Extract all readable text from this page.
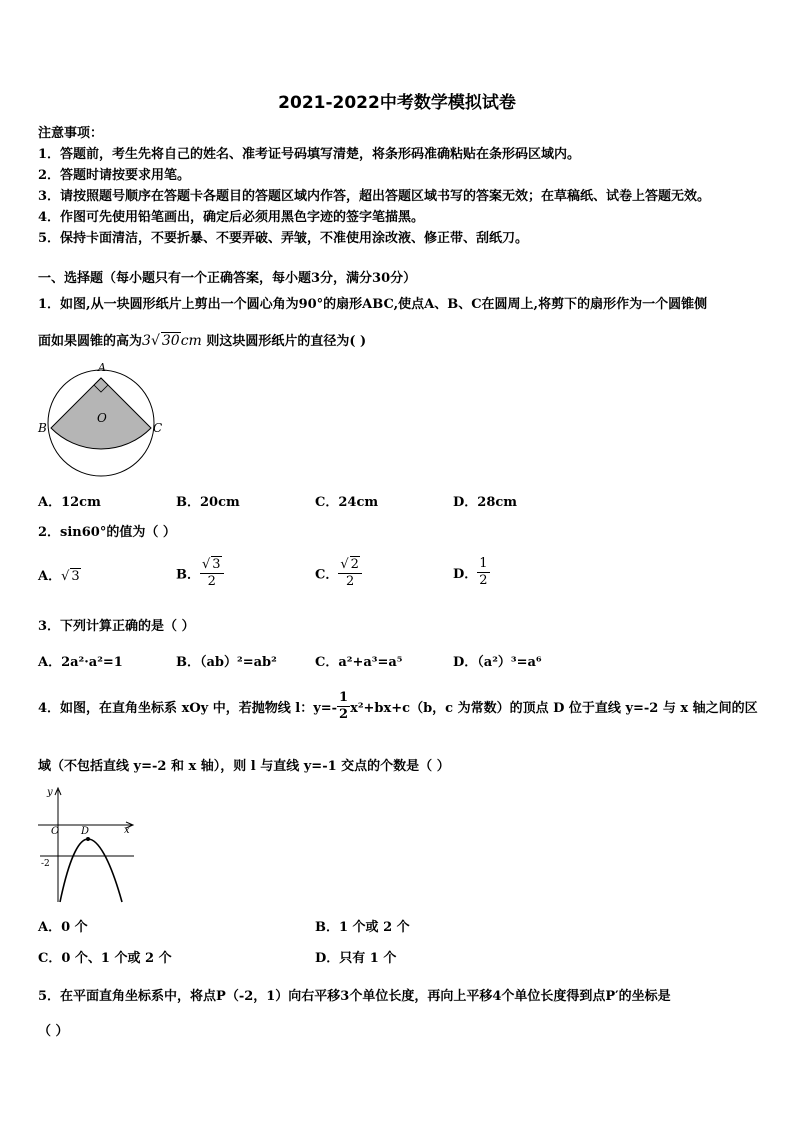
2021-2022中考数学模拟试卷
注意事项：
1．答题前，考生先将自己的姓名、准考证号码填写清楚，将条形码准确粘贴在条形码区域内。
2．答题时请按要求用笔。
3．请按照题号顺序在答题卡各题目的答题区域内作答，超出答题区域书写的答案无效；在草稿纸、试卷上答题无效。
4．作图可先使用铅笔画出，确定后必须用黑色字迹的签字笔描黑。
5．保持卡面清洁，不要折暴、不要弄破、弄皱，不准使用涂改液、修正带、刮纸刀。
一、选择题（每小题只有一个正确答案，每小题3分，满分30分）
1．如图,从一块圆形纸片上剪出一个圆心角为90°的扇形ABC,使点A、B、C在圆周上,将剪下的扇形作为一个圆锥侧
面如果圆锥的高为3√ 30cm 则这块圆形纸片的直径为( )
A
B	C
O
A．12cm	B．20cm	C．24cm	D．28cm
2．sin60°的值为（ ）
A．√ 3	B． $\frac{√ 3}{2}$	C． $\frac{√ 2}{2}$	D． $\frac{1}{2}$
3．下列计算正确的是（ ）
A．2a²·a²=1	B．（ab）²=ab²	C．a²+a³=a⁵	D．（a²）³=a⁶
4．如图，在直角坐标系 xOy 中，若抛物线 l：$y=- \frac{1}{2} x^2+bx+c(b$，c 为常数）的顶点 D 位于直线 y=-2 与 x 轴之间的区
域（不包括直线 y=-2 和 x 轴），则 l 与直线 y=-1 交点的个数是（ ）
y
x
O D
-2
A．0 个	B．1 个或 2 个
C．0 个、1 个或 2 个	D．只有 1 个
5．在平面直角坐标系中，将点P（-2，1）向右平移3个单位长度，再向上平移4个单位长度得到点P′的坐标是
（ ）
